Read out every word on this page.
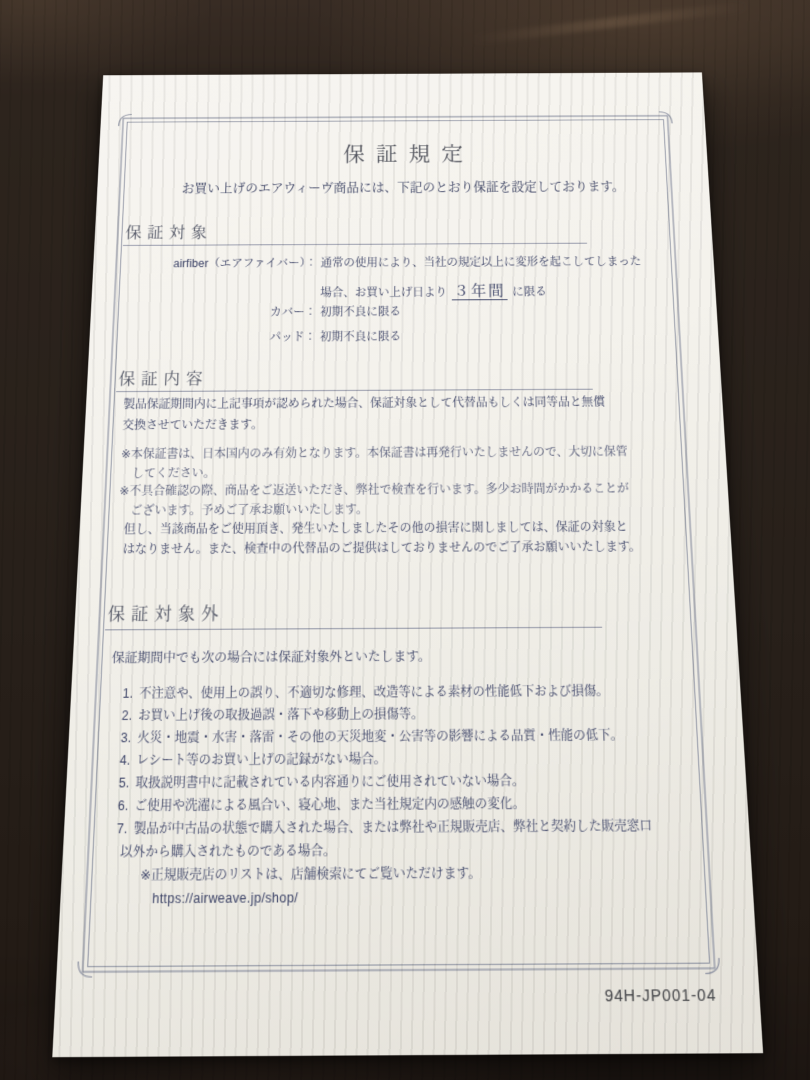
保証規定
お買い上げのエアウィーヴ商品には、下記のとおり保証を設定しております。
保証対象
airfiber（エアファイバー）： 通常の使用により、当社の規定以上に変形を起こしてしまった
場合、お買い上げ日より ３年間 に限る
カバー： 初期不良に限る
パッド： 初期不良に限る
保証内容
製品保証期間内に上記事項が認められた場合、保証対象として代替品もしくは同等品と無償
交換させていただきます。
※本保証書は、日本国内のみ有効となります。本保証書は再発行いたしませんので、大切に保管
してください。
※不具合確認の際、商品をご返送いただき、弊社で検査を行います。多少お時間がかかることが
ございます。予めご了承お願いいたします。
但し、当該商品をご使用頂き、発生いたしましたその他の損害に関しましては、保証の対象と
はなりません。また、検査中の代替品のご提供はしておりませんのでご了承お願いいたします。
保証対象外
保証期間中でも次の場合には保証対象外といたします。
1. 不注意や、使用上の誤り、不適切な修理、改造等による素材の性能低下および損傷。
2. お買い上げ後の取扱過誤・落下や移動上の損傷等。
3. 火災・地震・水害・落雷・その他の天災地変・公害等の影響による品質・性能の低下。
4. レシート等のお買い上げの記録がない場合。
5. 取扱説明書中に記載されている内容通りにご使用されていない場合。
6. ご使用や洗濯による風合い、寝心地、また当社規定内の感触の変化。
7. 製品が中古品の状態で購入された場合、または弊社や正規販売店、弊社と契約した販売窓口
以外から購入されたものである場合。
※正規販売店のリストは、店舗検索にてご覧いただけます。
https://airweave.jp/shop/
94H-JP001-04
